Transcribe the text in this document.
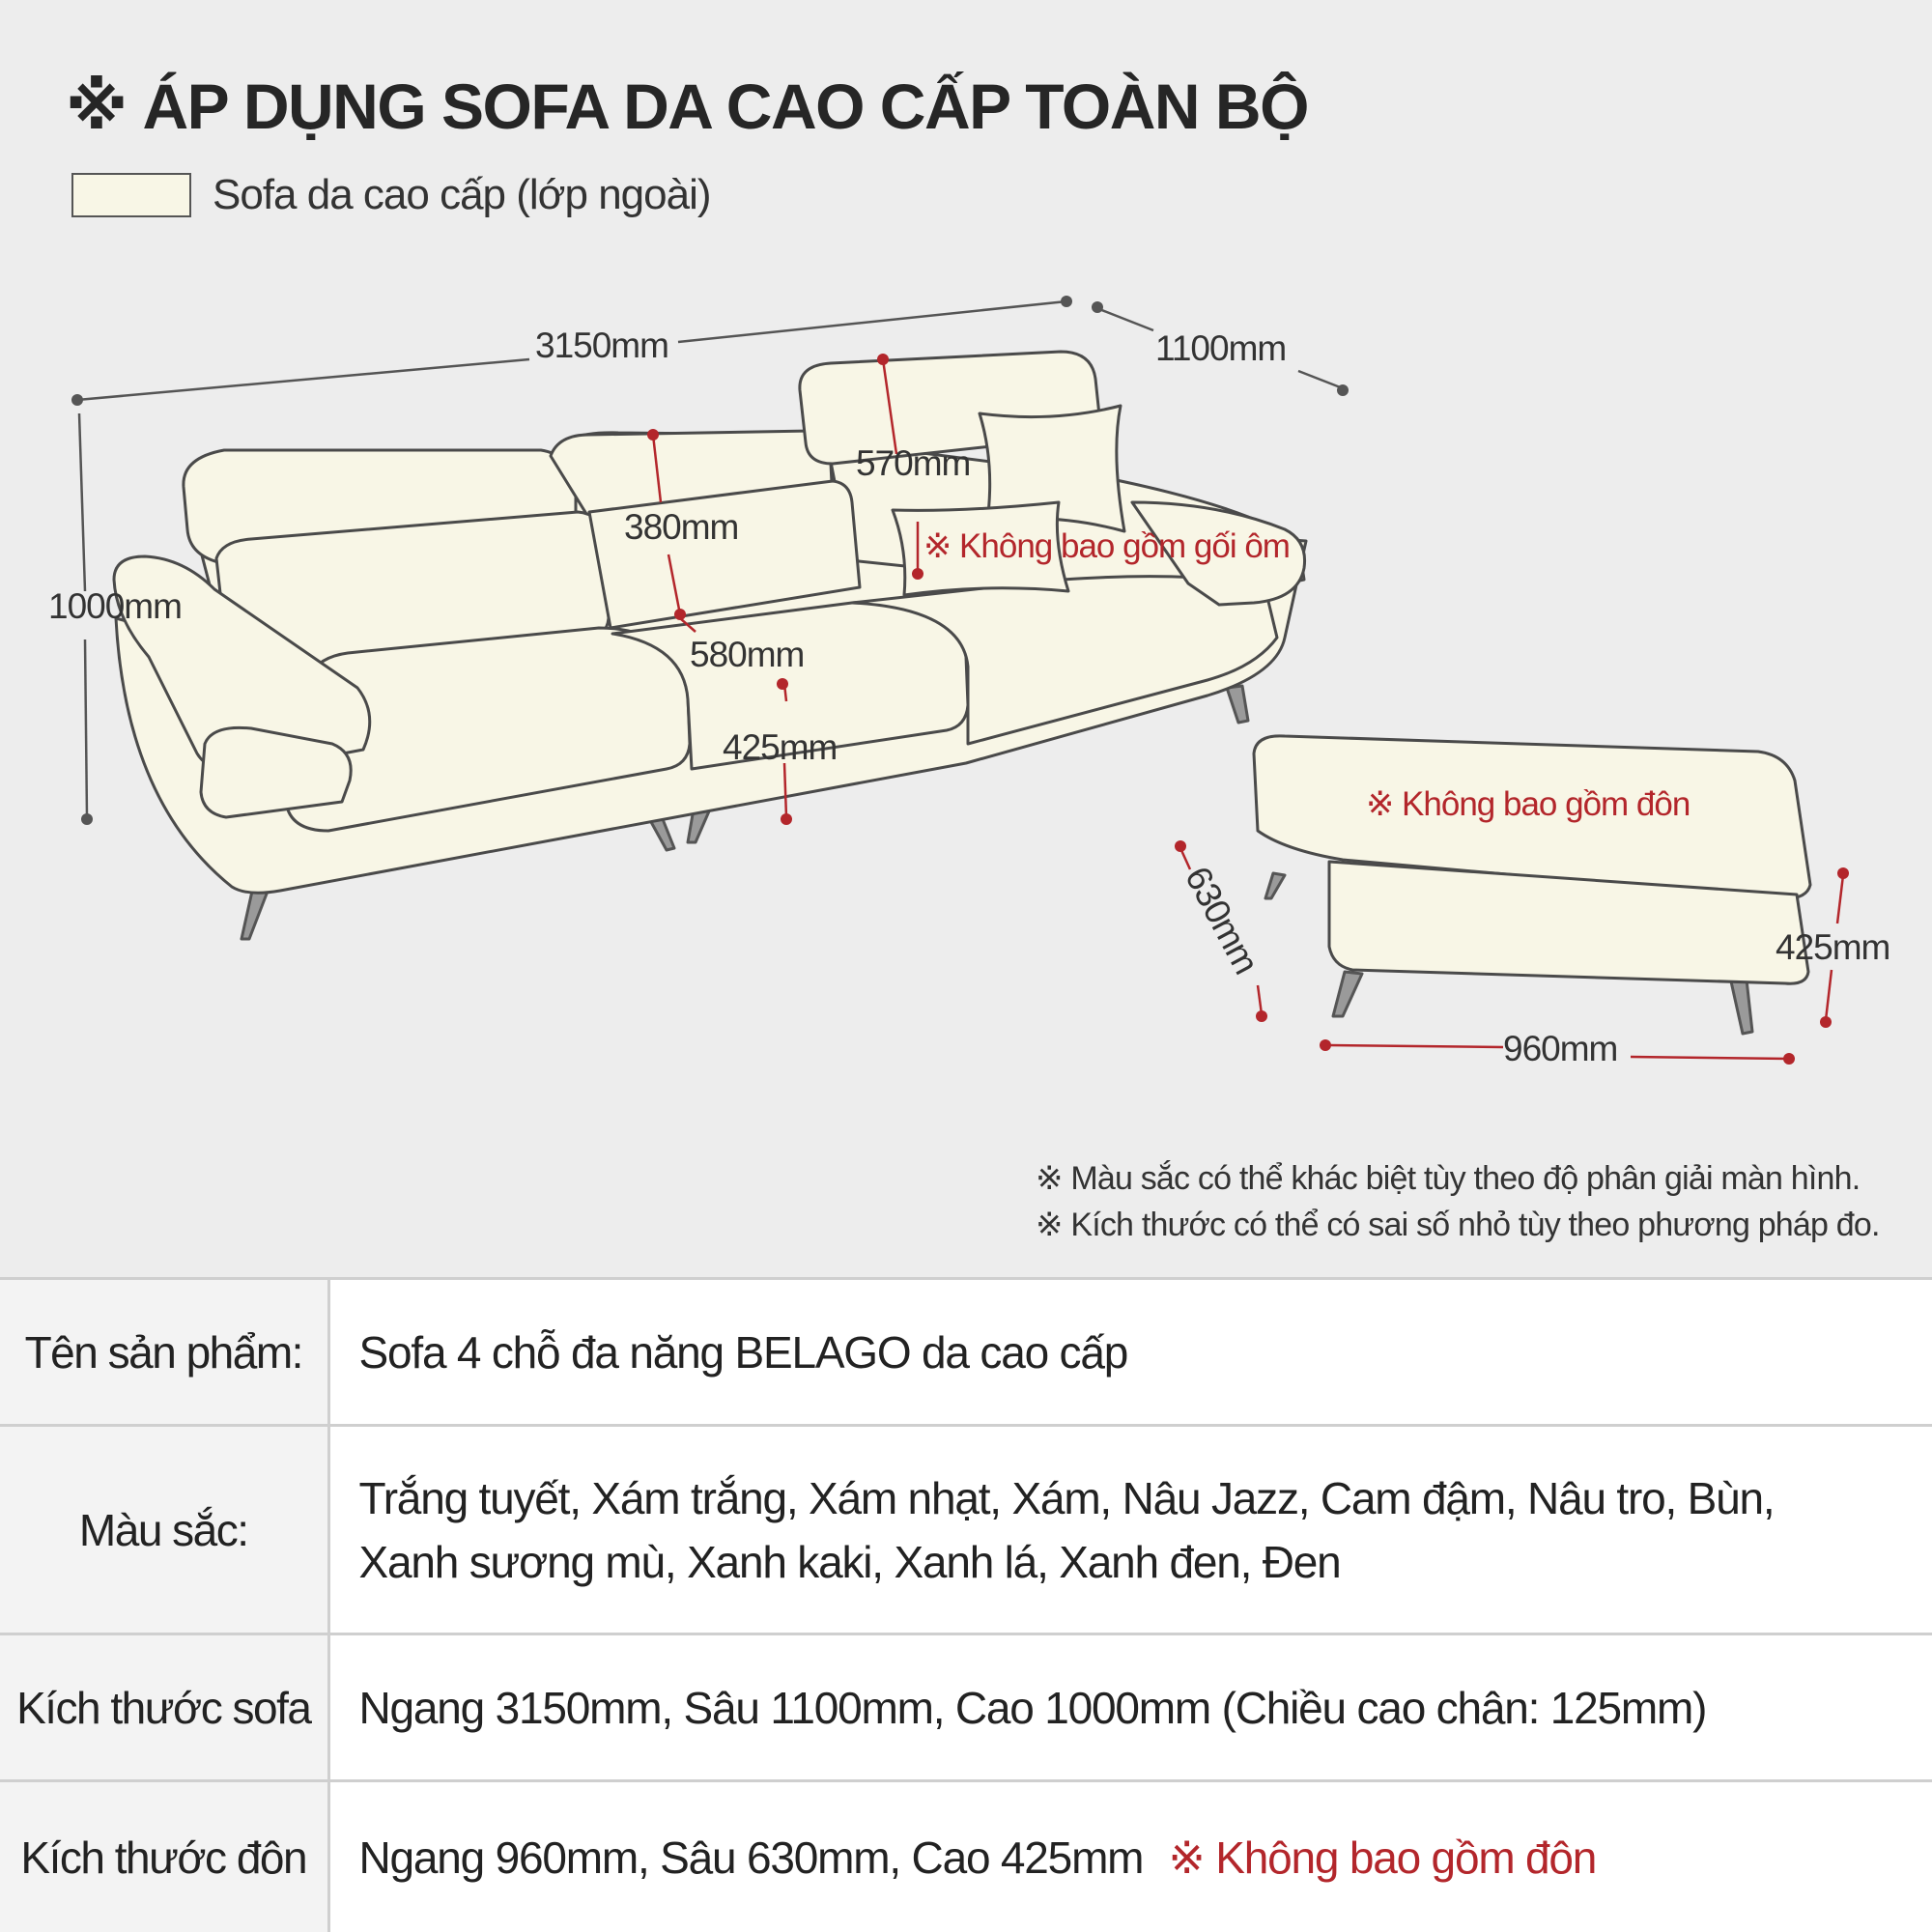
※ ÁP DỤNG SOFA DA CAO CẤP TOÀN BỘ
Sofa da cao cấp (lớp ngoài)
3150mm	1100mm
1000mm
570mm
380mm
580mm
425mm
960mm
425mm
630mm
※ Không bao gồm gối ôm
※ Không bao gồm đôn
※ Màu sắc có thể khác biệt tùy theo độ phân giải màn hình.
※ Kích thước có thể có sai số nhỏ tùy theo phương pháp đo.
Tên sản phẩm:	Sofa 4 chỗ đa năng BELAGO da cao cấp
Màu sắc:	Trắng tuyết, Xám trắng, Xám nhạt, Xám, Nâu Jazz, Cam đậm, Nâu tro, Bùn,
Xanh sương mù, Xanh kaki, Xanh lá, Xanh đen, Đen

Kích thước sofa	Ngang 3150mm, Sâu 1100mm, Cao 1000mm (Chiều cao chân: 125mm)
Kích thước đôn	Ngang 960mm, Sâu 630mm, Cao 425mm ※ Không bao gồm đôn
